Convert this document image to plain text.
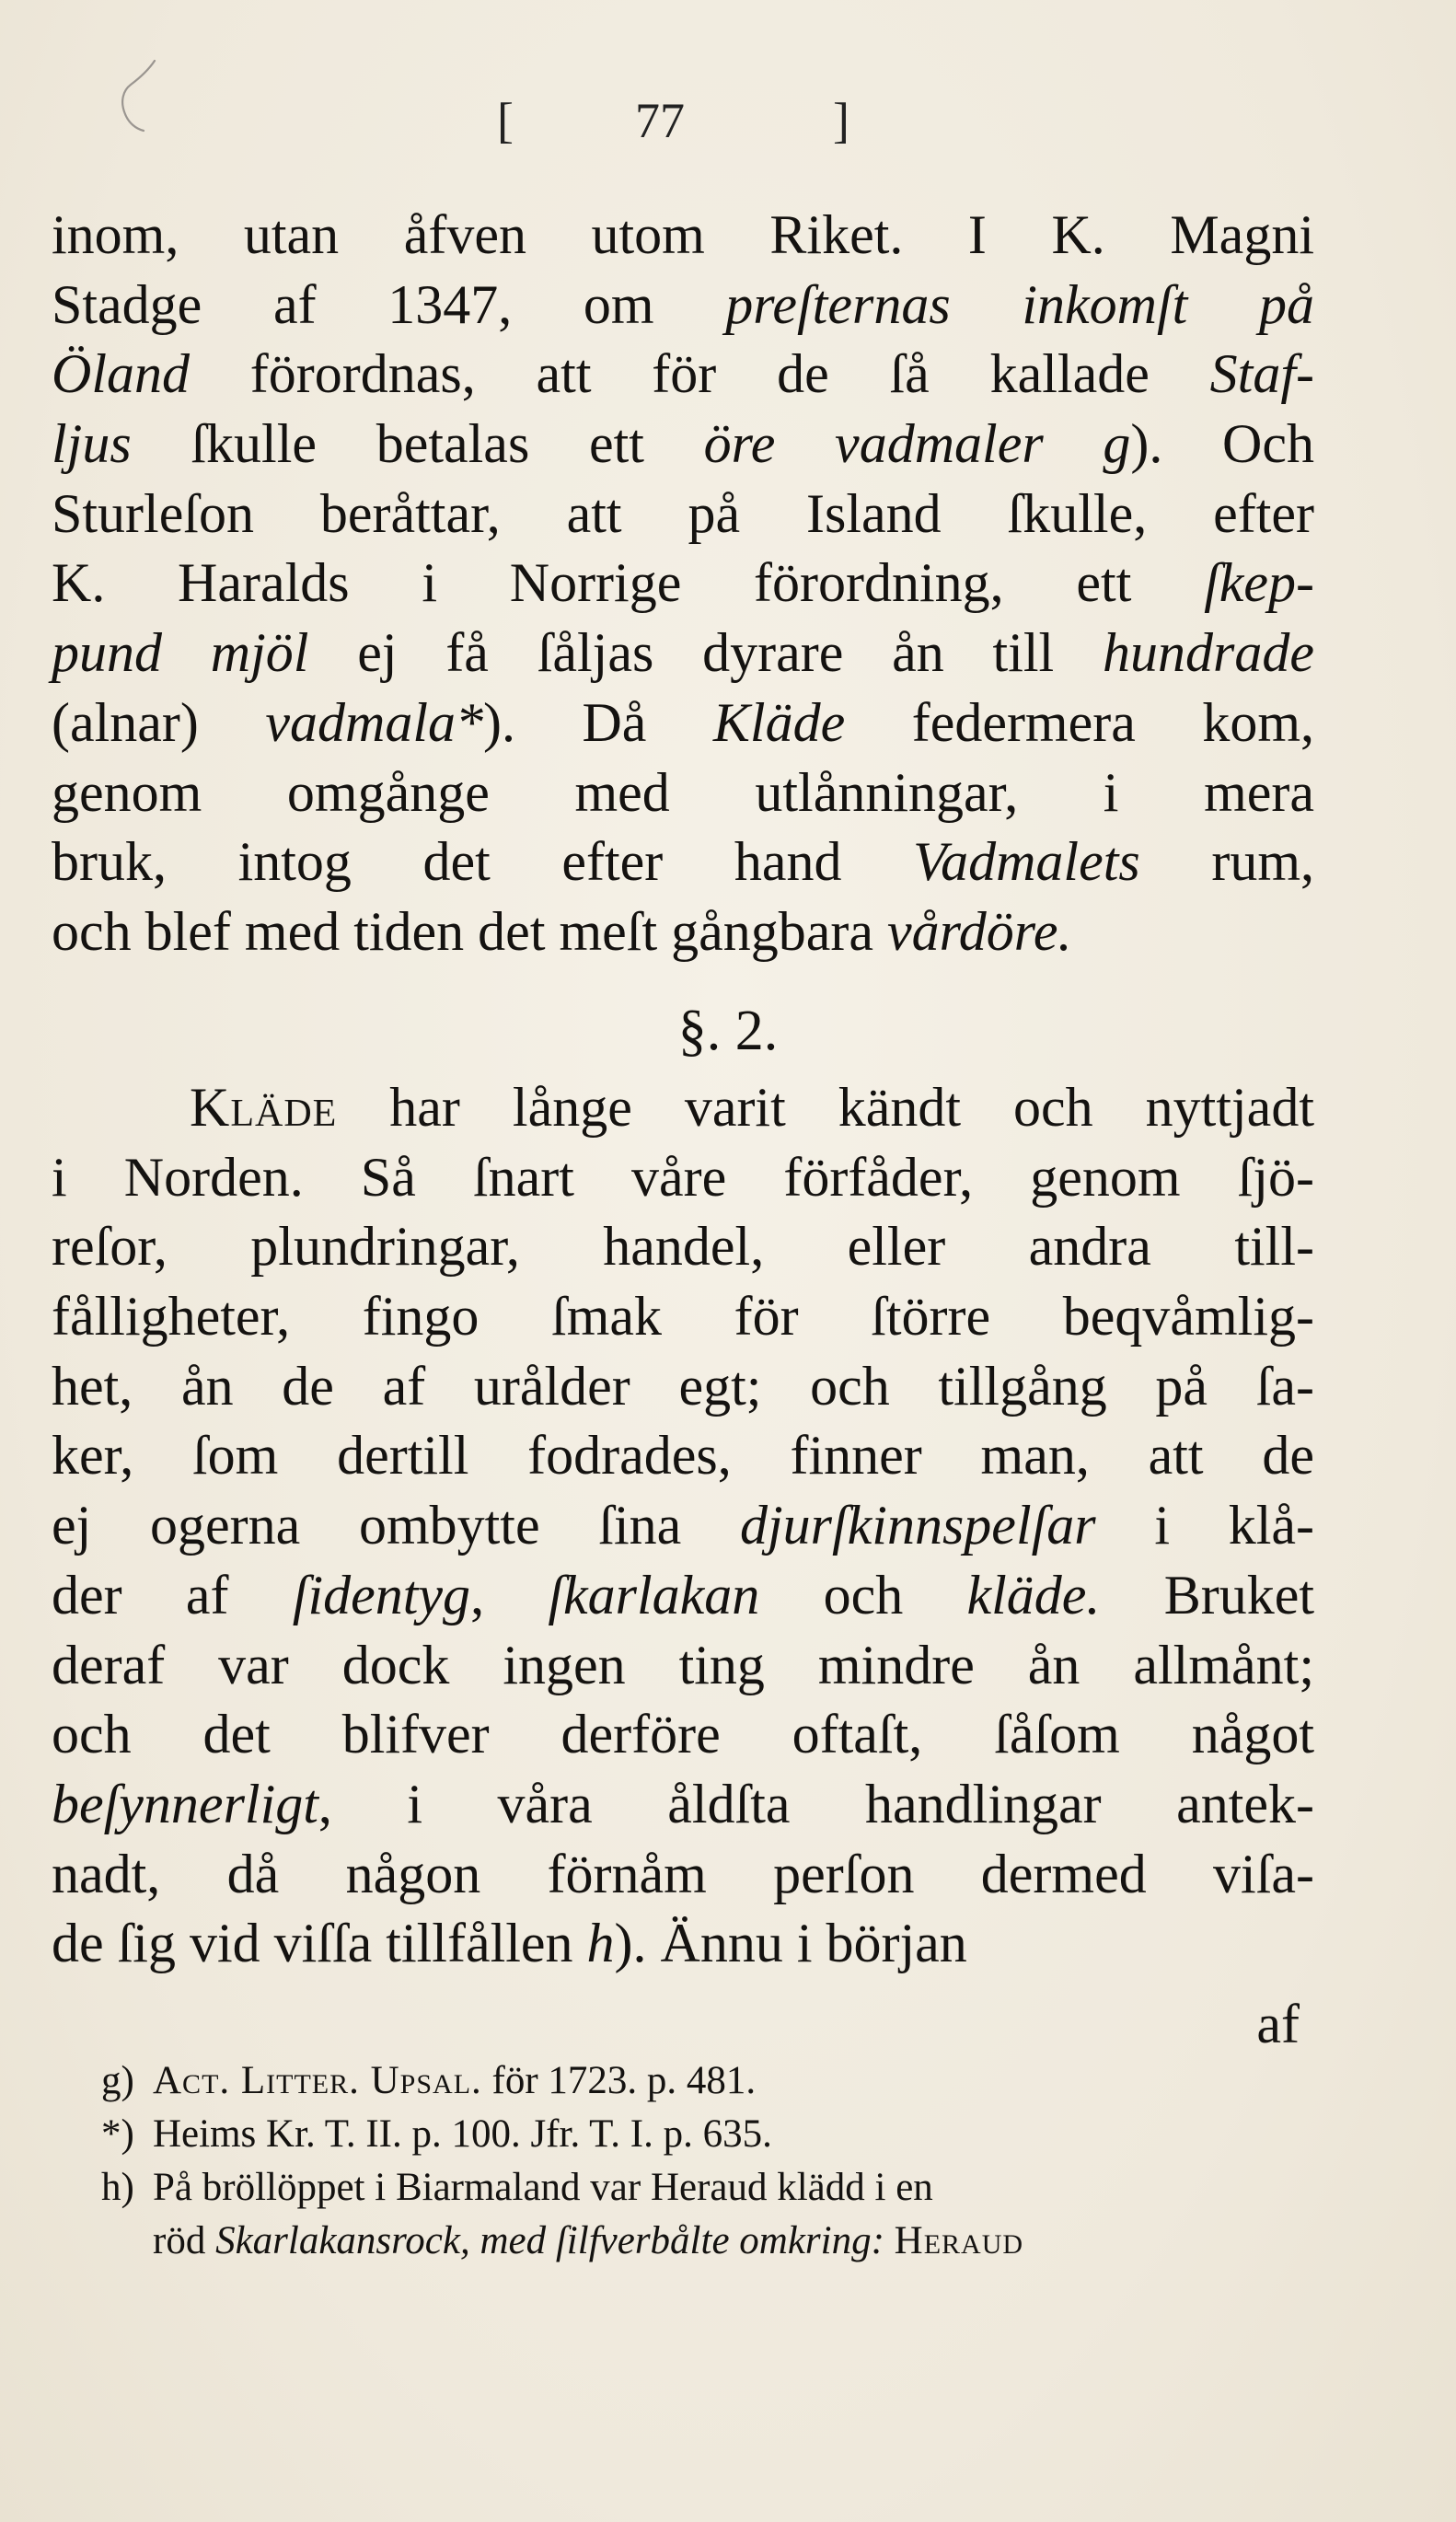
[ 77	]
inom, utan åfven utom Riket. I K. Magni
Stadge af 1347, om preſternas inkomſt på
Öland förordnas, att för de ſå kallade Staf-
ljus ſkulle betalas ett öre vadmaler g). Och
Sturleſon beråttar, att på Island ſkulle, efter
K. Haralds i Norrige förordning, ett ſkep-
pund mjöl ej få ſåljas dyrare ån till hundrade
(alnar) vadmala*). Då Kläde federmera kom,
genom omgånge med utlånningar, i mera
bruk, intog det efter hand Vadmalets rum,
och blef med tiden det meſt gångbara vårdöre.
§. 2.
Kläde har långe varit kändt och nyttjadt
i Norden. Så ſnart våre förfåder, genom ſjö-
reſor, plundringar, handel, eller andra till-
fålligheter, fingo ſmak för ſtörre beqvåmlig-
het, ån de af urålder egt; och tillgång på ſa-
ker, ſom dertill fodrades, finner man, att de
ej ogerna ombytte ſina djurſkinnspelſar i klå-
der af ſidentyg, ſkarlakan och kläde. Bruket
deraf var dock ingen ting mindre ån allmånt;
och det blifver derföre oftaſt, ſåſom något
beſynnerligt, i våra åldſta handlingar antek-
nadt, då någon förnåm perſon dermed viſa-
de ſig vid viſſa tillfållen h). Ännu i början
af
g) Act. Litter. Upsal. för 1723. p. 481.
*) Heims Kr. T. II. p. 100. Jfr. T. I. p. 635.
h) På bröllöppet i Biarmaland var Heraud klädd i en
röd Skarlakansrock, med ſilfverbålte omkring: Heraud
